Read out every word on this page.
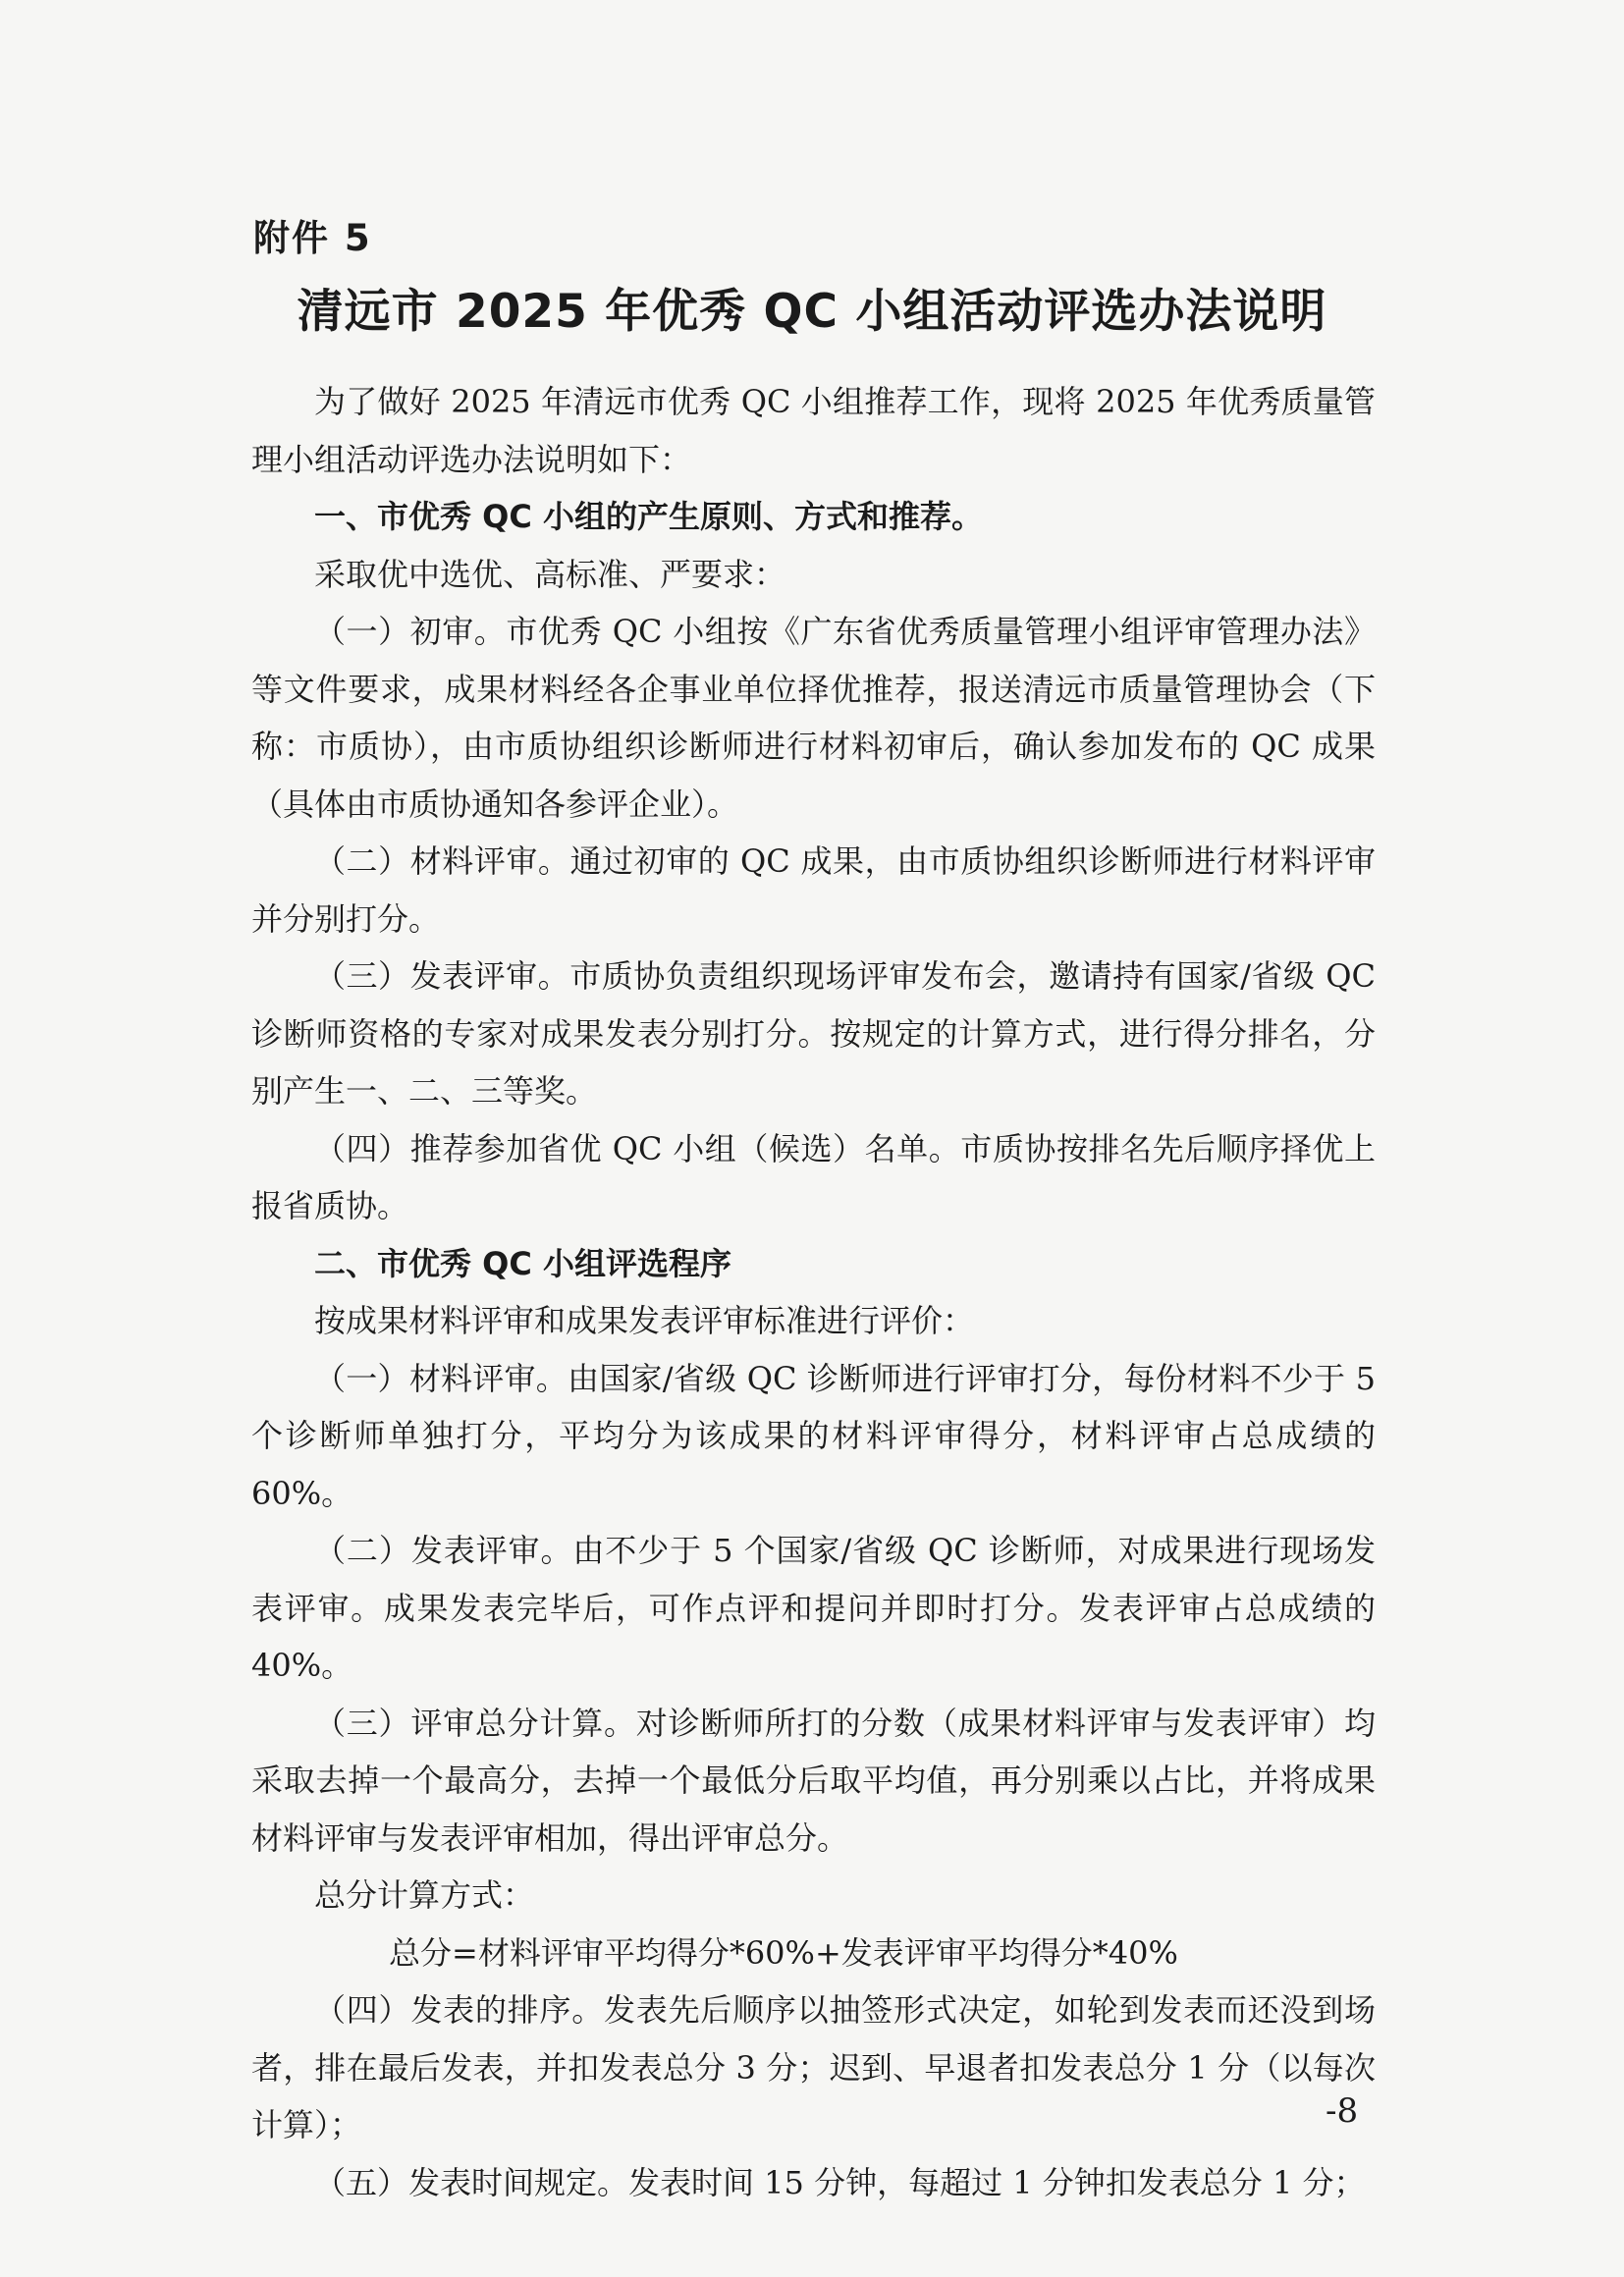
附件 5
清远市 2025 年优秀 QC 小组活动评选办法说明

为了做好 2025 年清远市优秀 QC 小组推荐工作，现将 2025 年优秀质量管理小组活动评选办法说明如下：

一、市优秀 QC 小组的产生原则、方式和推荐。

采取优中选优、高标准、严要求：

（一）初审。市优秀 QC 小组按《广东省优秀质量管理小组评审管理办法》等文件要求，成果材料经各企事业单位择优推荐，报送清远市质量管理协会（下称：市质协），由市质协组织诊断师进行材料初审后，确认参加发布的 QC 成果（具体由市质协通知各参评企业）。

（二）材料评审。通过初审的 QC 成果，由市质协组织诊断师进行材料评审并分别打分。

（三）发表评审。市质协负责组织现场评审发布会，邀请持有国家/省级 QC 诊断师资格的专家对成果发表分别打分。按规定的计算方式，进行得分排名，分别产生一、二、三等奖。

（四）推荐参加省优 QC 小组（候选）名单。市质协按排名先后顺序择优上报省质协。

二、市优秀 QC 小组评选程序

按成果材料评审和成果发表评审标准进行评价：

（一）材料评审。由国家/省级 QC 诊断师进行评审打分，每份材料不少于 5 个诊断师单独打分，平均分为该成果的材料评审得分，材料评审占总成绩的 60%。

（二）发表评审。由不少于 5 个国家/省级 QC 诊断师，对成果进行现场发表评审。成果发表完毕后，可作点评和提问并即时打分。发表评审占总成绩的 40%。

（三）评审总分计算。对诊断师所打的分数（成果材料评审与发表评审）均采取去掉一个最高分，去掉一个最低分后取平均值，再分别乘以占比，并将成果材料评审与发表评审相加，得出评审总分。

总分计算方式：

总分=材料评审平均得分*60%+发表评审平均得分*40%

（四）发表的排序。发表先后顺序以抽签形式决定，如轮到发表而还没到场者，排在最后发表，并扣发表总分 3 分；迟到、早退者扣发表总分 1 分（以每次计算）；

（五）发表时间规定。发表时间 15 分钟，每超过 1 分钟扣发表总分 1 分；

-8
